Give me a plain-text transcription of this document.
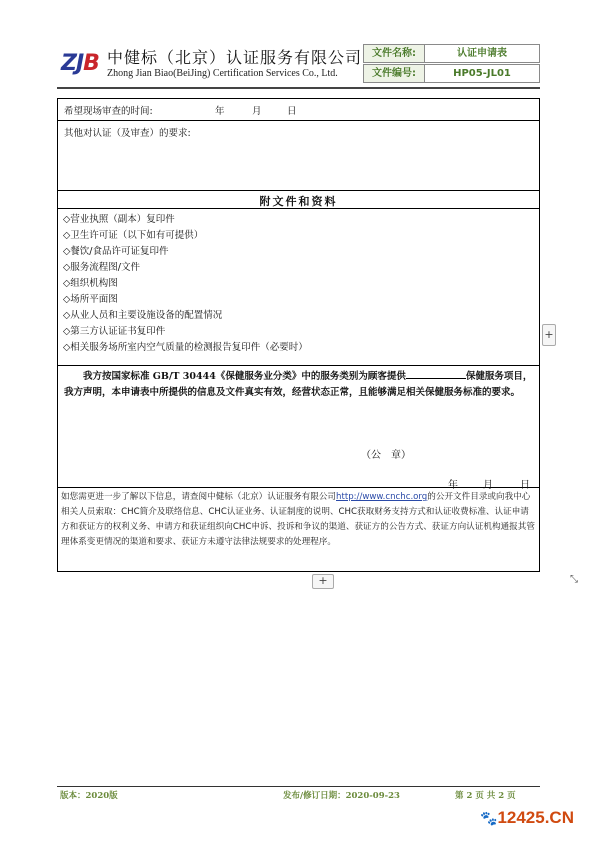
ZJB 中健标（北京）认证服务有限公司
Zhong Jian Biao(BeiJing) Certification Services Co., Ltd.
文件名称:	认证申请表
文件编号:	HP05-JL01
希望现场审查的时间:	年	月	日
其他对认证（及审查）的要求:
附文件和资料
◇营业执照（副本）复印件
◇卫生许可证（以下如有可提供）
◇餐饮/食品许可证复印件
◇服务流程图/文件
◇组织机构图
◇场所平面图
◇从业人员和主要设施设备的配置情况
◇第三方认证证书复印件
◇相关服务场所室内空气质量的检测报告复印件（必要时）

我方按国家标准 GB/T 30444《保健服务业分类》中的服务类别为顾客提供	保健服务项目，我方声明，本申请表中所提供的信息及文件真实有效，经营状态正常，且能够满足相关保健服务标准的要求。

（公　章）
年	月	日

如您需更进一步了解以下信息，请查阅中健标（北京）认证服务有限公司http://www.cnchc.org的公开文件目录或向我中心相关人员索取：CHC简介及联络信息、CHC认证业务、认证制度的说明、CHC获取财务支持方式和认证收费标准、认证申请方和获证方的权利义务、申请方和获证组织向CHC申诉、投诉和争议的渠道、获证方的公告方式、获证方向认证机构通报其管理体系变更情况的渠道和要求、获证方未遵守法律法规要求的处理程序。

+
+	⤡
版本：2020版	发布/修订日期：2020-09-23	第 2 页 共 2 页
🐾12425.CN
